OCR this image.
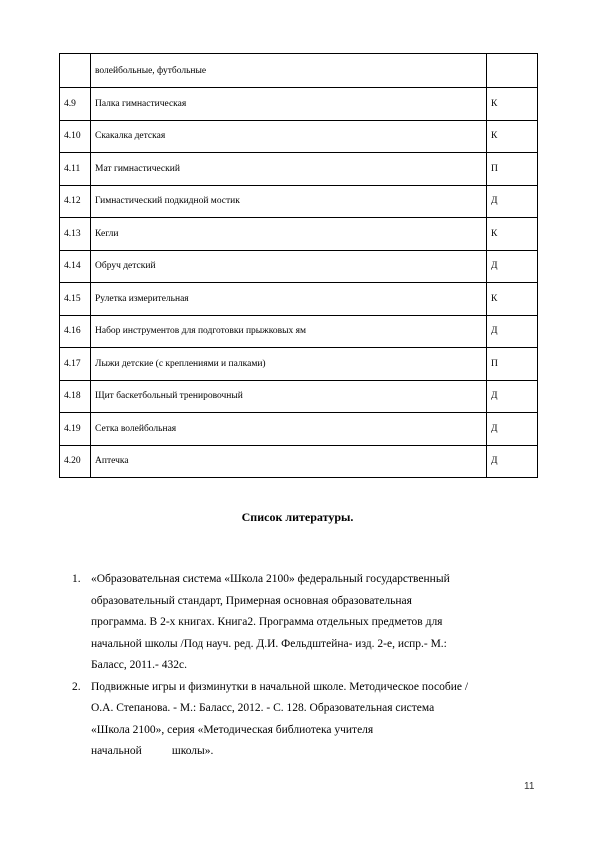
	волейбольные, футбольные	
4.9	Палка гимнастическая	К
4.10	Скакалка детская	К
4.11	Мат гимнастический	П
4.12	Гимнастический подкидной мостик	Д
4.13	Кегли	К
4.14	Обруч детский	Д
4.15	Рулетка измерительная	К
4.16	Набор инструментов для подготовки прыжковых ям	Д
4.17	Лыжи детские (с креплениями и палками)	П
4.18	Щит баскетбольный тренировочный	Д
4.19	Сетка волейбольная	Д
4.20	Аптечка	Д
Список литературы.
1. «Образовательная система «Школа 2100» федеральный государственный
образовательный стандарт, Примерная основная образовательная
программа. В 2-х книгах. Книга2. Программа отдельных предметов для
начальной школы /Под науч. ред. Д.И. Фельдштейна- изд. 2-е, испр.- М.:
Баласс, 2011.- 432с.
2. Подвижные игры и физминутки в начальной школе. Методическое пособие /
О.А. Степанова. - М.: Баласс, 2012. - С. 128. Образовательная система
«Школа 2100», серия «Методическая библиотека учителя
начальной	школы».
11
